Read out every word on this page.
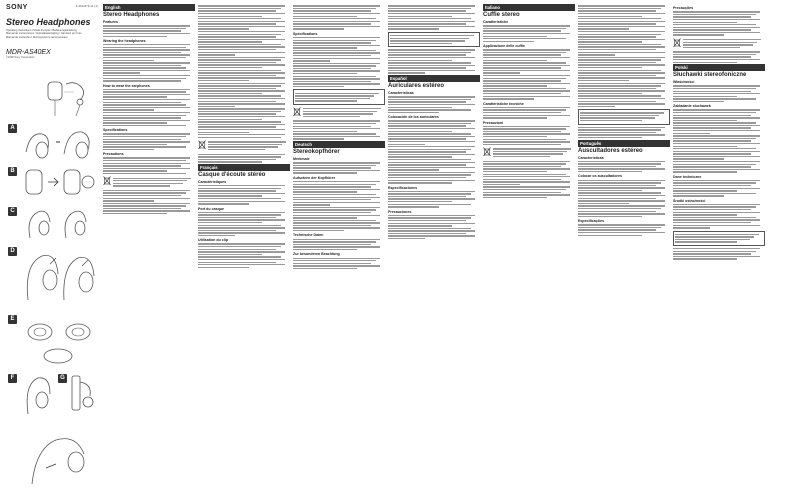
SONY	4-269-876-11 (1)
Stereo Headphones
Operating Instructions / Mode d'emploi / Bedienungsanleitung
Manual de instrucciones / Gebruiksaanwijzing / Istruzioni per l'uso
Manual de instruções / Инструкция по эксплуатации
MDR-AS40EX
©2008 Sony Corporation
A
B
C
D
E
F	G
English
Stereo Headphones
Features
Wearing the headphones
How to wear the earphones
Specifications
Precautions
Français
Casque d'écoute stéréo
Caractéristiques
Port du casque
Utilisation du clip
Spécifications
Deutsch
Stereokopfhörer
Merkmale
Aufsetzen der Kopfhörer
Technische Daten
Zur besonderen Beachtung
Español
Auriculares estéreo
Características
Colocación de los auriculares
Especificaciones
Precauciones
Italiano
Cuffie stereo
Caratteristiche
Applicazione delle cuffie
Caratteristiche tecniche
Precauzioni
Português
Auscultadores estéreo
Características
Colocar os auscultadores
Especificações
Precauções
Polski
Słuchawki stereofoniczne
Właściwości
Zakładanie słuchawek
Dane techniczne
Środki ostrożności
